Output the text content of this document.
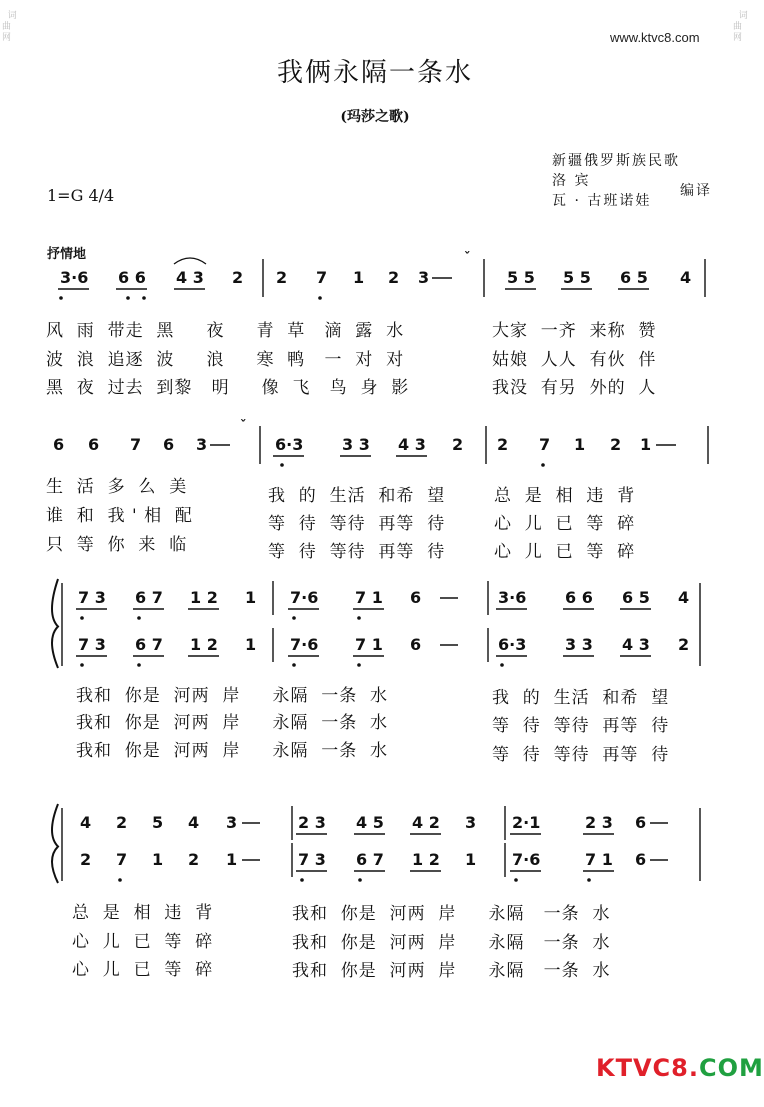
词
曲
网

词
曲
网

www.ktvc8.com
我俩永隔一条水
(玛莎之歌)
新疆俄罗斯族民歌
洛 宾
瓦 · 古班诺娃
编译
1=G 4/4
抒情地
3·6 6 6 4 3 2 2 7 1 2 3	5 5 5 5 6 5 4
6 6 7 6 3	6·3 3 3 4 3 2 2 7 1 2 1
ˇ
ˇ
7 3 6 7 1 2 1 7·6 7 1 6	3·6 6 6 6 5 4
7 3 6 7 1 2 1 7·6 7 1 6	6·3 3 3 4 3 2
4 2 5 4 3	2 3 4 5 4 2 3 2·1	2 3 6
2 7 1 2 1	7 3 6 7 1 2 1 7·6	7 1 6
风  雨  带走  黑     夜     青  草   滴  露  水
波  浪  追逐  波     浪     寒  鸭   一  对  对
黑  夜  过去  到黎   明     像  飞   鸟  身  影
大家  一齐  来称  赞
姑娘  人人  有伙  伴
我没  有另  外的  人
生  活  多  么  美
谁  和  我 ' 相  配
只  等  你  来  临
我  的  生活  和希  望
等  待  等待  再等  待
等  待  等待  再等  待
总  是  相  违  背
心  儿  已  等  碎
心  儿  已  等  碎
我和  你是  河两  岸     永隔  一条  水
我和  你是  河两  岸     永隔  一条  水
我和  你是  河两  岸     永隔  一条  水
我  的  生活  和希  望
等  待  等待  再等  待
等  待  等待  再等  待
总  是  相  违  背
心  儿  已  等  碎
心  儿  已  等  碎
我和  你是  河两  岸     永隔   一条  水
我和  你是  河两  岸     永隔   一条  水
我和  你是  河两  岸     永隔   一条  水
KTVC8.COM
